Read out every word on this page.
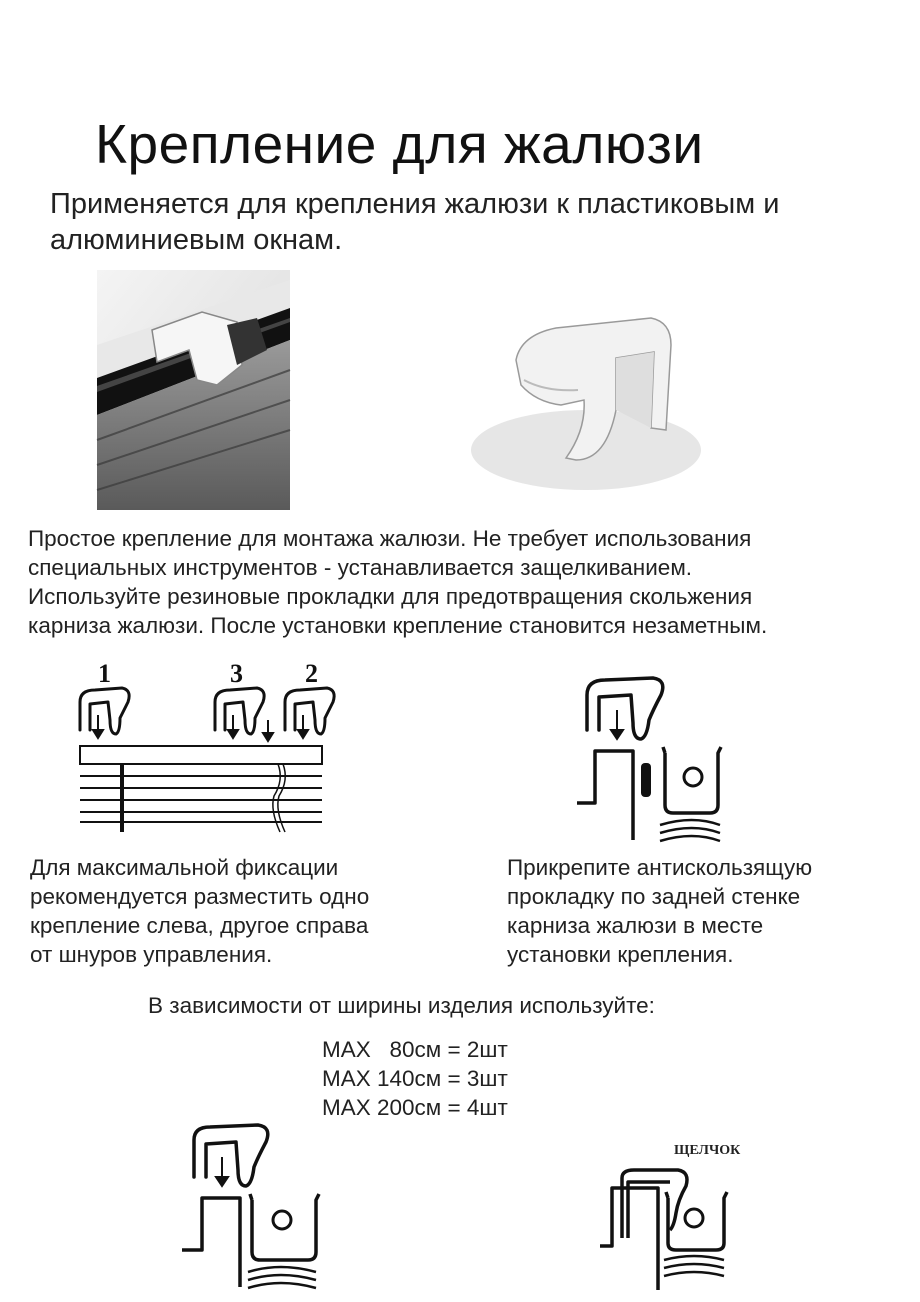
Крепление для жалюзи
Применяется для крепления жалюзи к пластиковым и алюминиевым окнам.
Простое крепление для монтажа жалюзи. Не требует использования
специальных инструментов - устанавливается защелкиванием.
Используйте резиновые прокладки для предотвращения скольжения
карниза жалюзи. После установки крепление становится незаметным.
1	3 2
Для максимальной фиксации
рекомендуется разместить одно
крепление слева, другое справа
от шнуров управления.
Прикрепите антискользящую
прокладку по задней стенке
карниза жалюзи в месте
установки крепления.
В зависимости от ширины изделия используйте:
MAX   80см = 2шт
MAX 140см = 3шт
MAX 200см = 4шт
ЩЕЛЧОК
